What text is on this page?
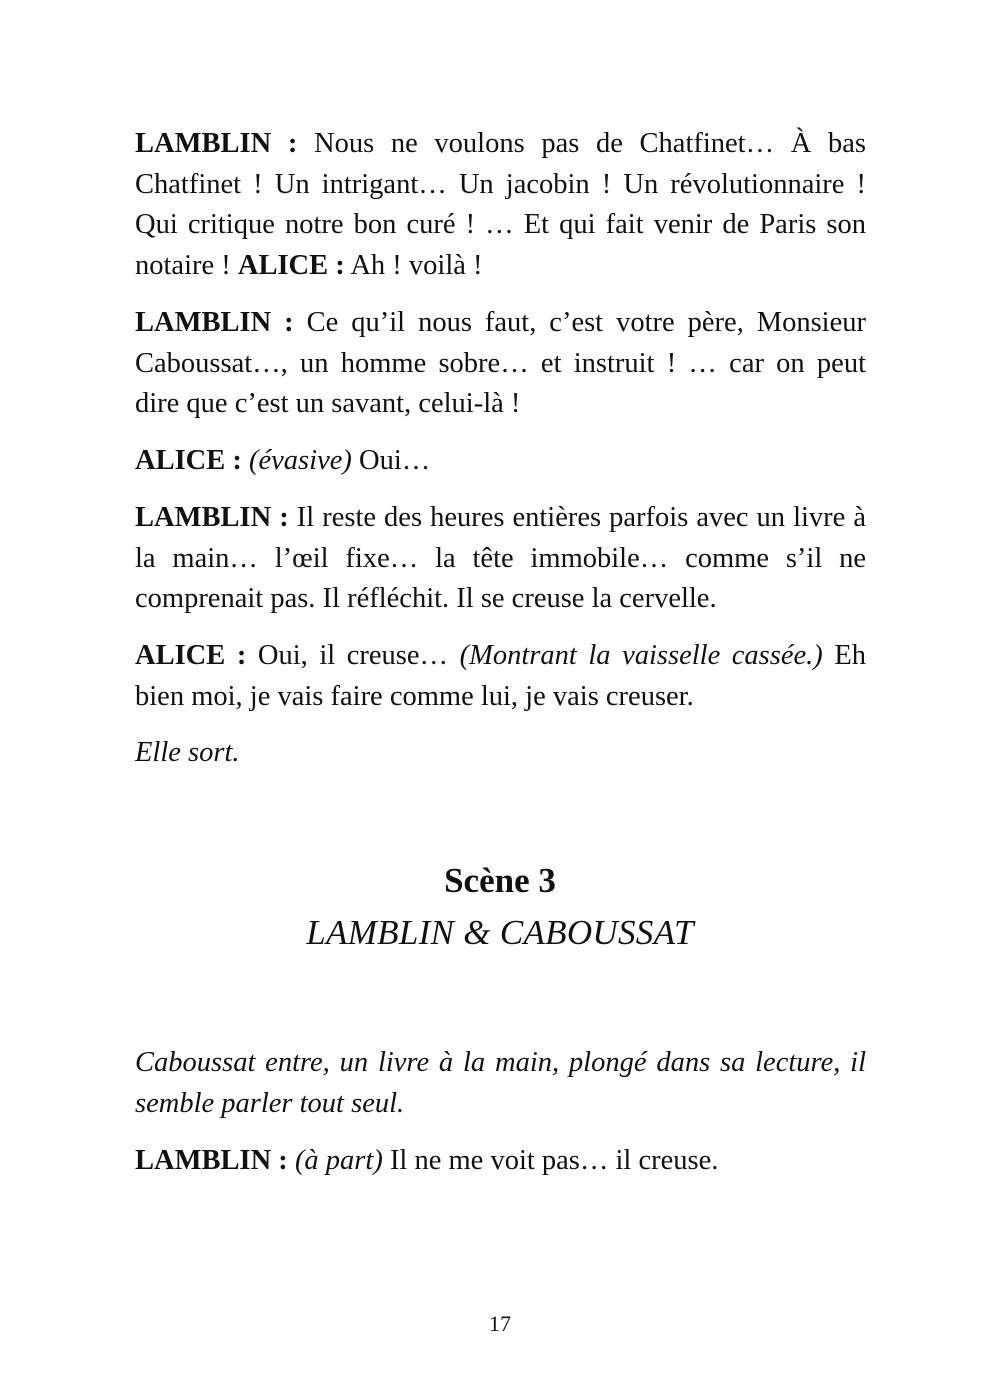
LAMBLIN : Nous ne voulons pas de Chatfinet… À bas Chatfinet ! Un intrigant… Un jacobin ! Un révolutionnaire ! Qui critique notre bon curé ! … Et qui fait venir de Paris son notaire ! ALICE : Ah ! voilà !

LAMBLIN : Ce qu’il nous faut, c’est votre père, Monsieur Caboussat…, un homme sobre… et instruit ! … car on peut dire que c’est un savant, celui-là !

ALICE : (évasive) Oui…

LAMBLIN : Il reste des heures entières parfois avec un livre à la main… l’œil fixe… la tête immobile… comme s’il ne comprenait pas. Il réfléchit. Il se creuse la cervelle.

ALICE : Oui, il creuse… (Montrant la vaisselle cassée.) Eh bien moi, je vais faire comme lui, je vais creuser.

Elle sort.

Scène 3
LAMBLIN & CABOUSSAT

Caboussat entre, un livre à la main, plongé dans sa lecture, il semble parler tout seul.

LAMBLIN : (à part) Il ne me voit pas… il creuse.

17
